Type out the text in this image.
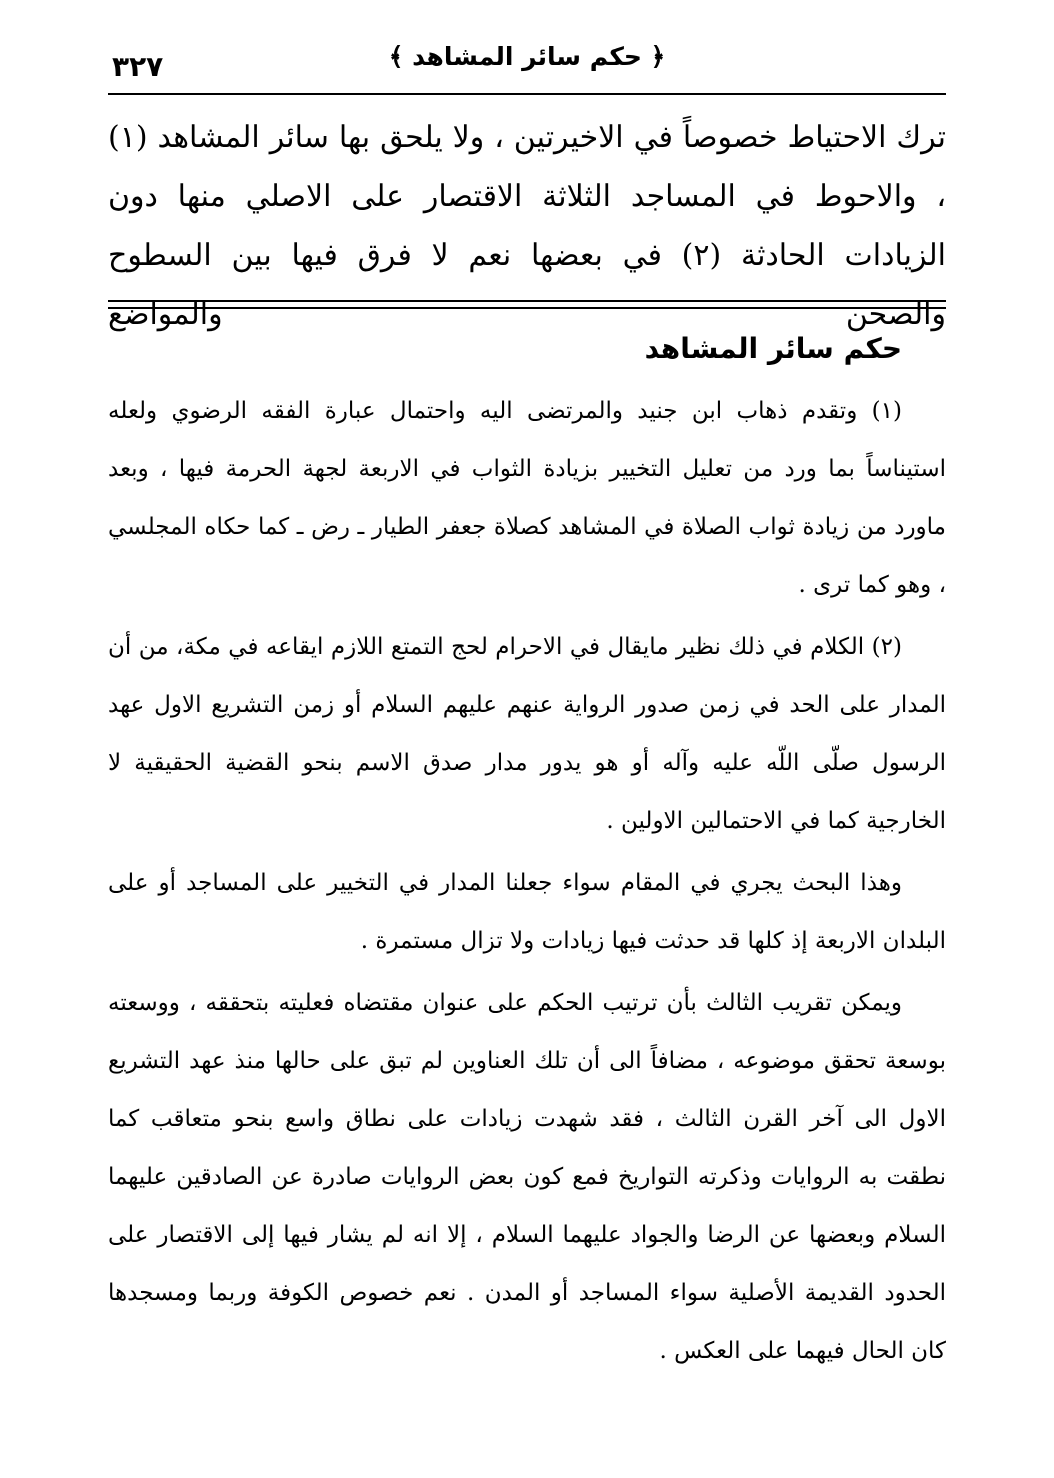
﴿ حكم سائر المشاهد ﴾
٣٢٧

ترك الاحتياط خصوصاً في الاخيرتين ، ولا يلحق بها سائر المشاهد (١) ، والاحوط في المساجد الثلاثة الاقتصار على الاصلي منها دون الزيادات الحادثة (٢) في بعضها نعم لا فرق فيها بين السطوح والصحن والمواضع

حكم سائر المشاهد

(١) وتقدم ذهاب ابن جنيد والمرتضى اليه واحتمال عبارة الفقه الرضوي ولعله استيناساً بما ورد من تعليل التخيير بزيادة الثواب في الاربعة لجهة الحرمة فيها ، وبعد ماورد من زيادة ثواب الصلاة في المشاهد كصلاة جعفر الطيار ـ رض ـ كما حكاه المجلسي ، وهو كما ترى .

(٢) الكلام في ذلك نظير مايقال في الاحرام لحج التمتع اللازم ايقاعه في مكة، من أن المدار على الحد في زمن صدور الرواية عنهم عليهم السلام أو زمن التشريع الاول عهد الرسول صلّى اللّه عليه وآله أو هو يدور مدار صدق الاسم بنحو القضية الحقيقية لا الخارجية كما في الاحتمالين الاولين .

وهذا البحث يجري في المقام سواء جعلنا المدار في التخيير على المساجد أو على البلدان الاربعة إذ كلها قد حدثت فيها زيادات ولا تزال مستمرة .

ويمكن تقريب الثالث بأن ترتيب الحكم على عنوان مقتضاه فعليته بتحققه ، ووسعته بوسعة تحقق موضوعه ، مضافاً الى أن تلك العناوين لم تبق على حالها منذ عهد التشريع الاول الى آخر القرن الثالث ، فقد شهدت زيادات على نطاق واسع بنحو متعاقب كما نطقت به الروايات وذكرته التواريخ فمع كون بعض الروايات صادرة عن الصادقين عليهما السلام وبعضها عن الرضا والجواد عليهما السلام ، إلا انه لم يشار فيها إلى الاقتصار على الحدود القديمة الأصلية سواء المساجد أو المدن . نعم خصوص الكوفة وربما ومسجدها كان الحال فيهما على العكس .
